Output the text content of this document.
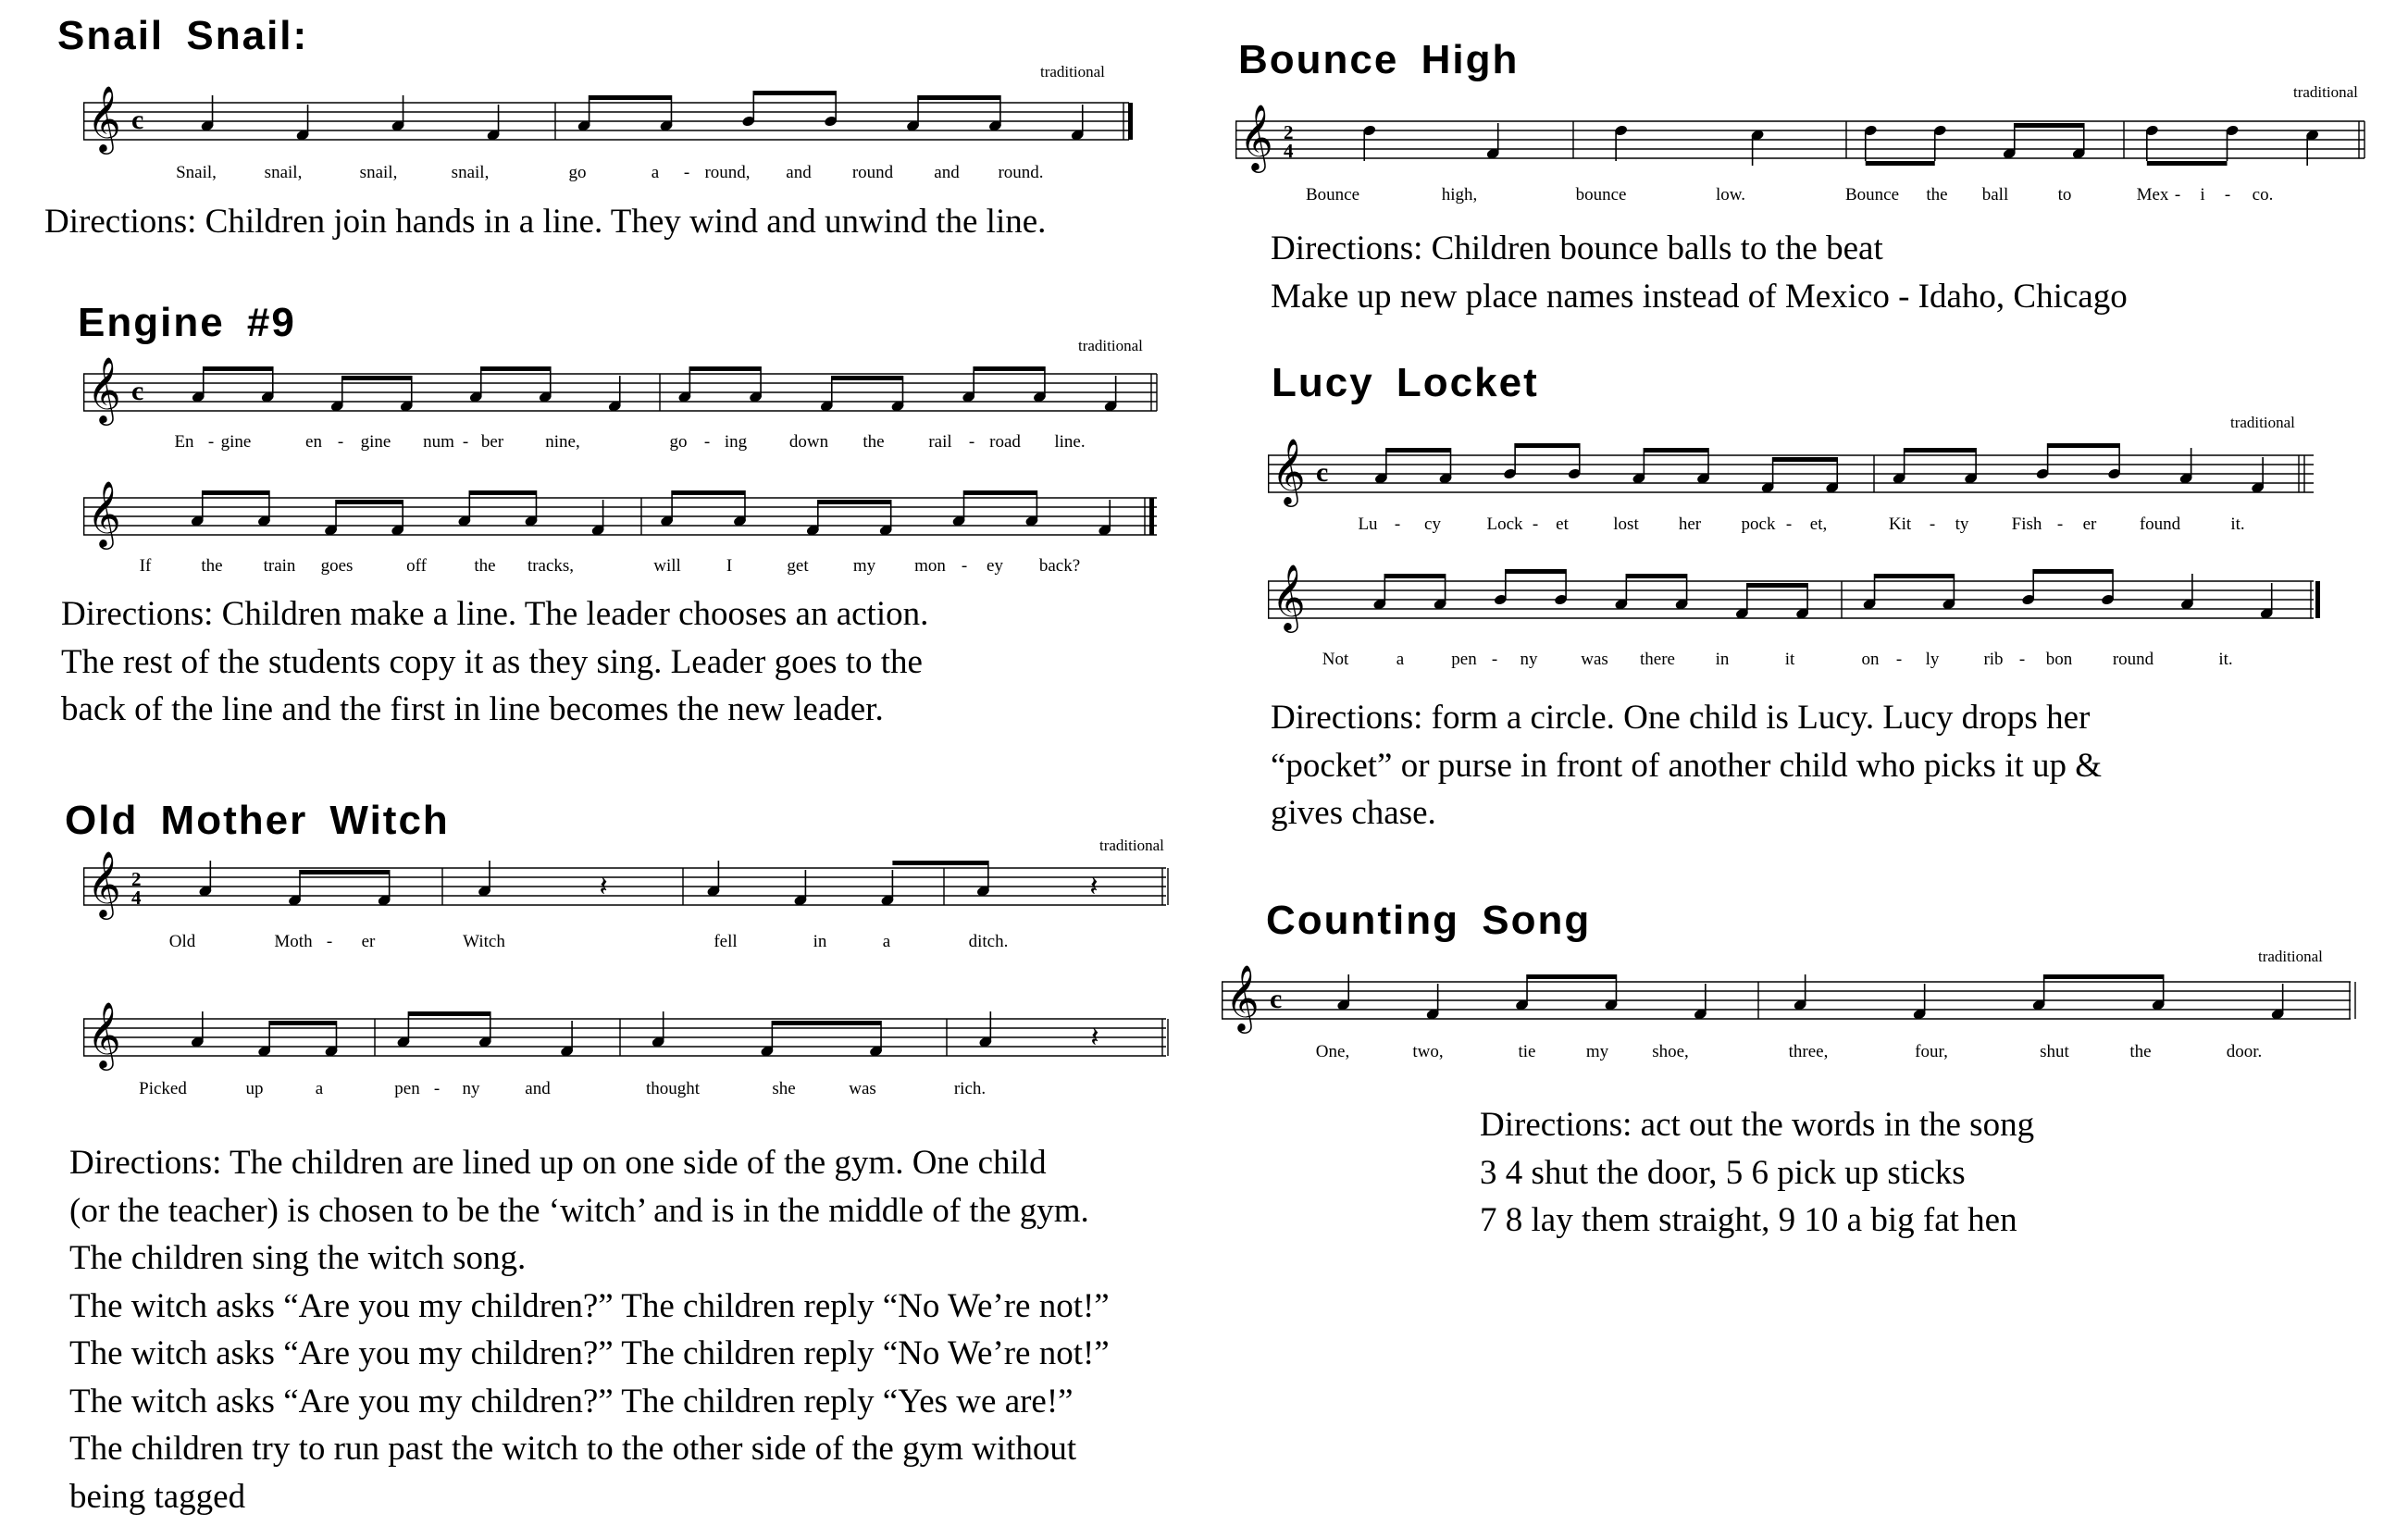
Snail Snail:
traditional
𝄞 c
Directions: Children join hands in a line. They wind and unwind the line.
Bounce High
traditional
𝄞 2
4
Directions: Children bounce balls to the beat
Make up new place names instead of Mexico - Idaho, Chicago
Engine #9
traditional
𝄞 c
𝄞
Directions: Children make a line. The leader chooses an action.
The rest of the students copy it as they sing. Leader goes to the
back of the line and the first in line becomes the new leader.
Lucy Locket
traditional
𝄞 c
𝄞
Directions: form a circle. One child is Lucy. Lucy drops her
“pocket” or purse in front of another child who picks it up &
gives chase.
Old Mother Witch
traditional
𝄞 2
4	𝄽	𝄽
𝄞	𝄽
Directions: The children are lined up on one side of the gym. One child
(or the teacher) is chosen to be the ‘witch’ and is in the middle of the gym.
The children sing the witch song.
The witch asks “Are you my children?” The children reply “No We’re not!”
The witch asks “Are you my children?” The children reply “No We’re not!”
The witch asks “Are you my children?” The children reply “Yes we are!”
The children try to run past the witch to the other side of the gym without
being tagged
Counting Song
traditional
𝄞 c
Directions: act out the words in the song
3 4 shut the door, 5 6 pick up sticks
7 8 lay them straight, 9 10 a big fat hen
Snail,	snail,	snail,	snail,	go	a - round, and round and round.
Bounce	high,	bounce	low.	Bounce the ball	to	Mex - i - co.
En - gine	en - gine num - ber nine,	go - ing down the	rail - road line.
If	the train goes	off	the tracks,	will	I	get	my mon - ey back?
Lu - cy	Lock - et	lost her pock - et,	Kit - ty Fish - er found	it.
Not	a	pen - ny was there in	it	on - ly	rib - bon round	it.
Old	Moth - er	Witch	fell	in	a	ditch.
Picked	up	a	pen - ny	and	thought	she	was	rich.
One,	two,	tie	my shoe,	three,	four,	shut	the	door.
